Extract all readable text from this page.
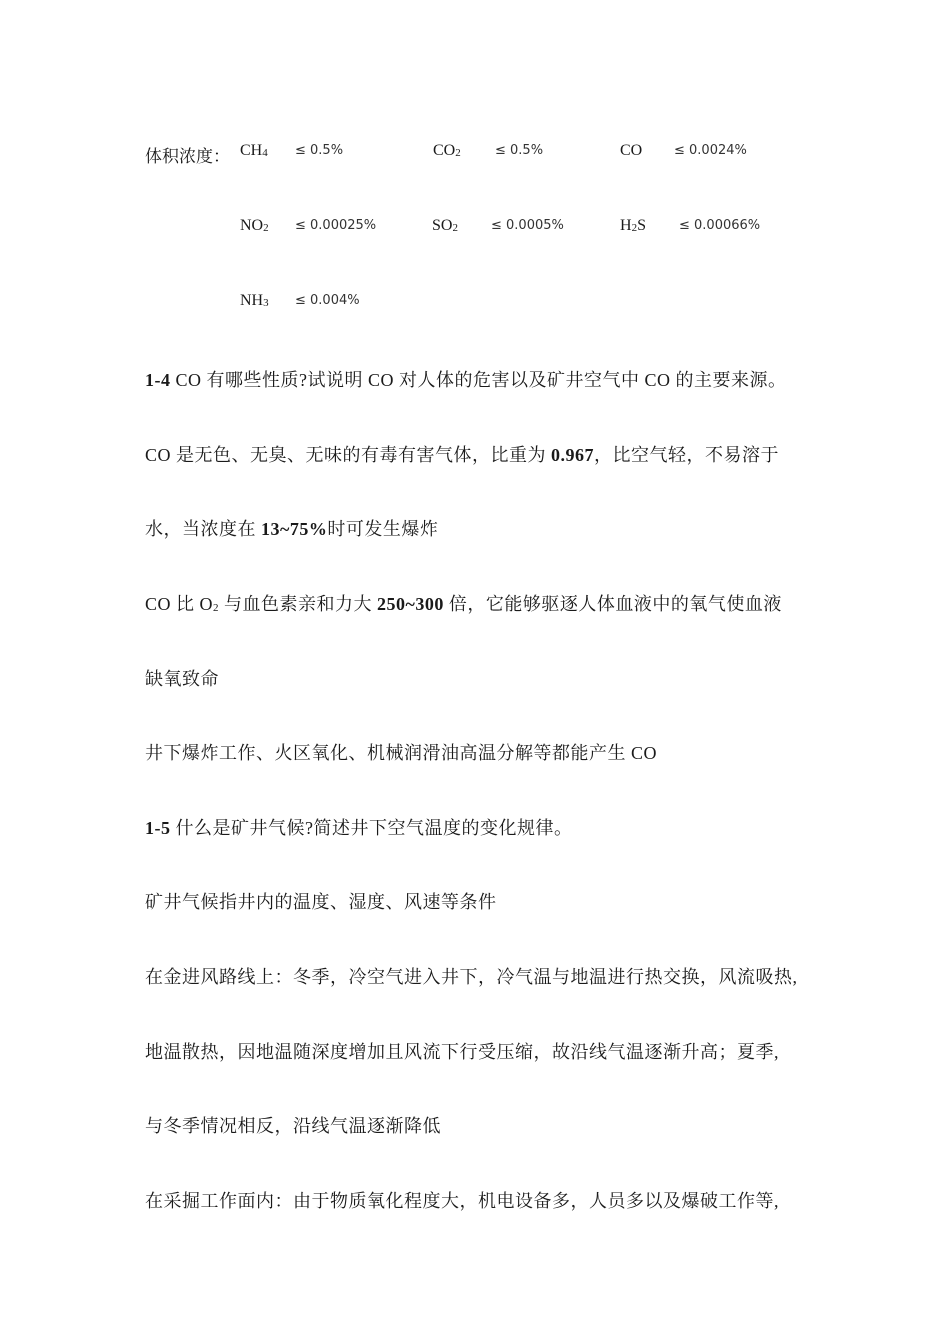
体积浓度： $CH_4 \le 0.5\%$	$CO_2$	≤ 0.5%	CO ≤ 0.0024%
$NO_2 \le 0.00025\%$	$SO_2$	≤ 0.0005%	$H_2S$	≤ 0.00066%
$NH_3 \le 0.004\%$
1-4 CO 有哪些性质?试说明 CO 对人体的危害以及矿井空气中 CO 的主要来源。
CO 是无色、无臭、无味的有毒有害气体，比重为 0.967，比空气轻，不易溶于
水，当浓度在 13~75%时可发生爆炸
CO 比 $O_2$ 与血色素亲和力大 250~300 倍，它能够驱逐人体血液中的氧气使血液
缺氧致命
井下爆炸工作、火区氧化、机械润滑油高温分解等都能产生 CO
1-5 什么是矿井气候?简述井下空气温度的变化规律。
矿井气候指井内的温度、湿度、风速等条件
在金进风路线上：冬季，冷空气进入井下，冷气温与地温进行热交换，风流吸热,
地温散热，因地温随深度增加且风流下行受压缩，故沿线气温逐渐升高；夏季,
与冬季情况相反，沿线气温逐渐降低
在采掘工作面内：由于物质氧化程度大，机电设备多，人员多以及爆破工作等,
